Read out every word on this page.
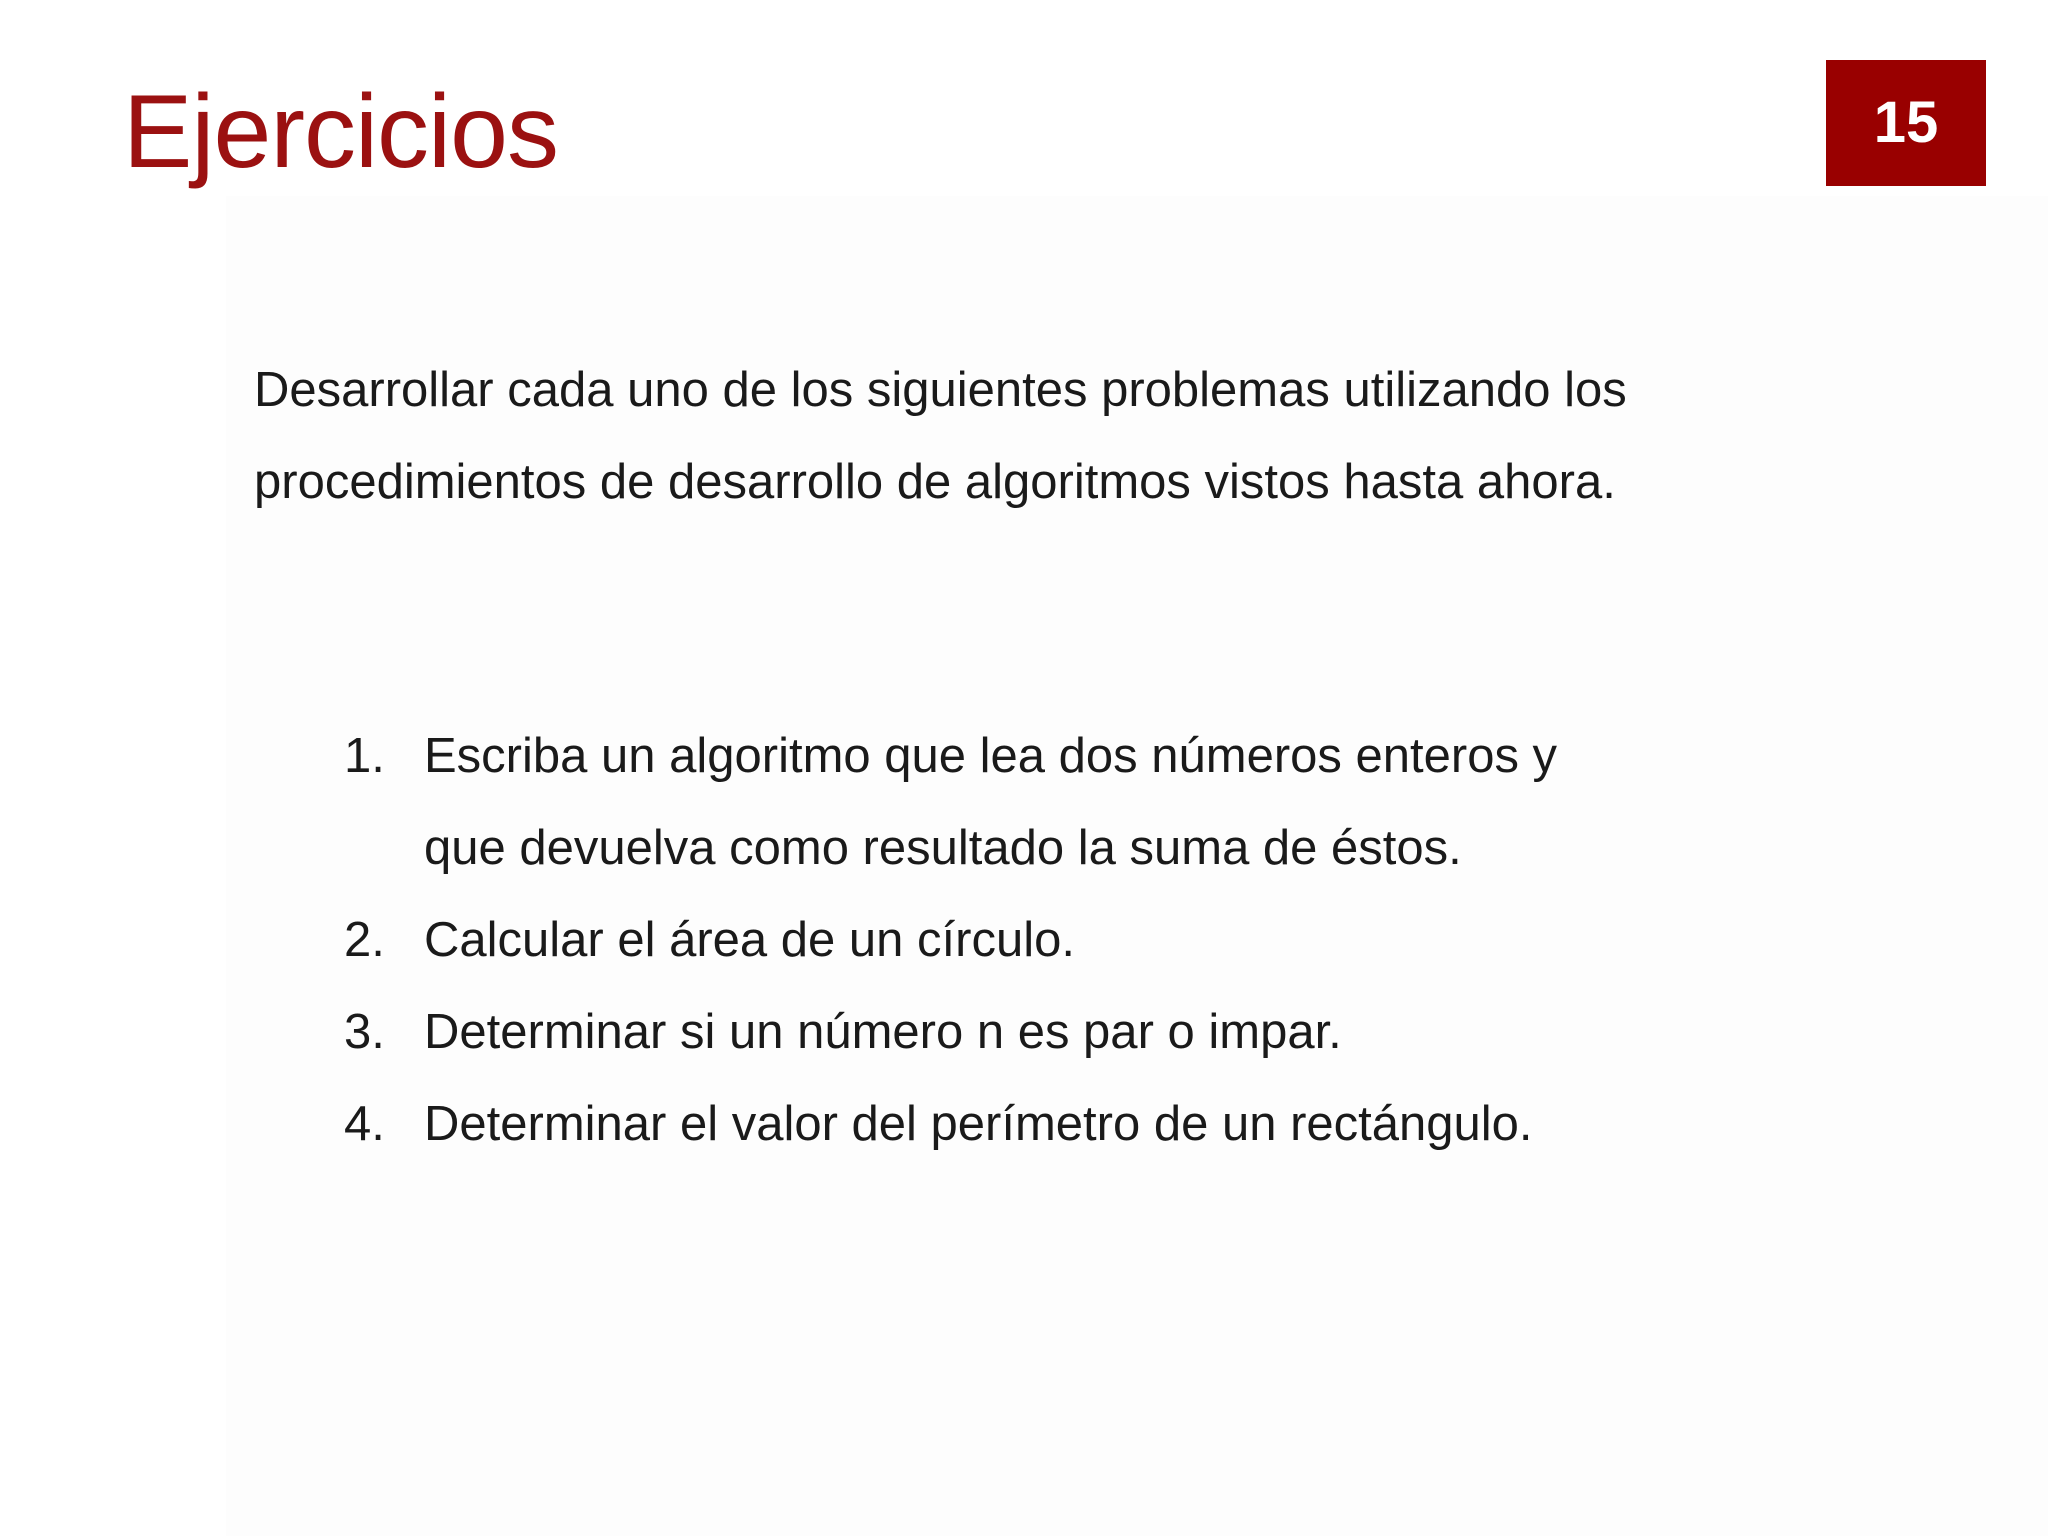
Ejercicios	15

Desarrollar cada uno de los siguientes problemas utilizando los
procedimientos de desarrollo de algoritmos vistos hasta ahora.

1. Escriba un algoritmo que lea dos números enteros y
que devuelva como resultado la suma de éstos.
2. Calcular el área de un círculo.
3. Determinar si un número n es par o impar.
4. Determinar el valor del perímetro de un rectángulo.
